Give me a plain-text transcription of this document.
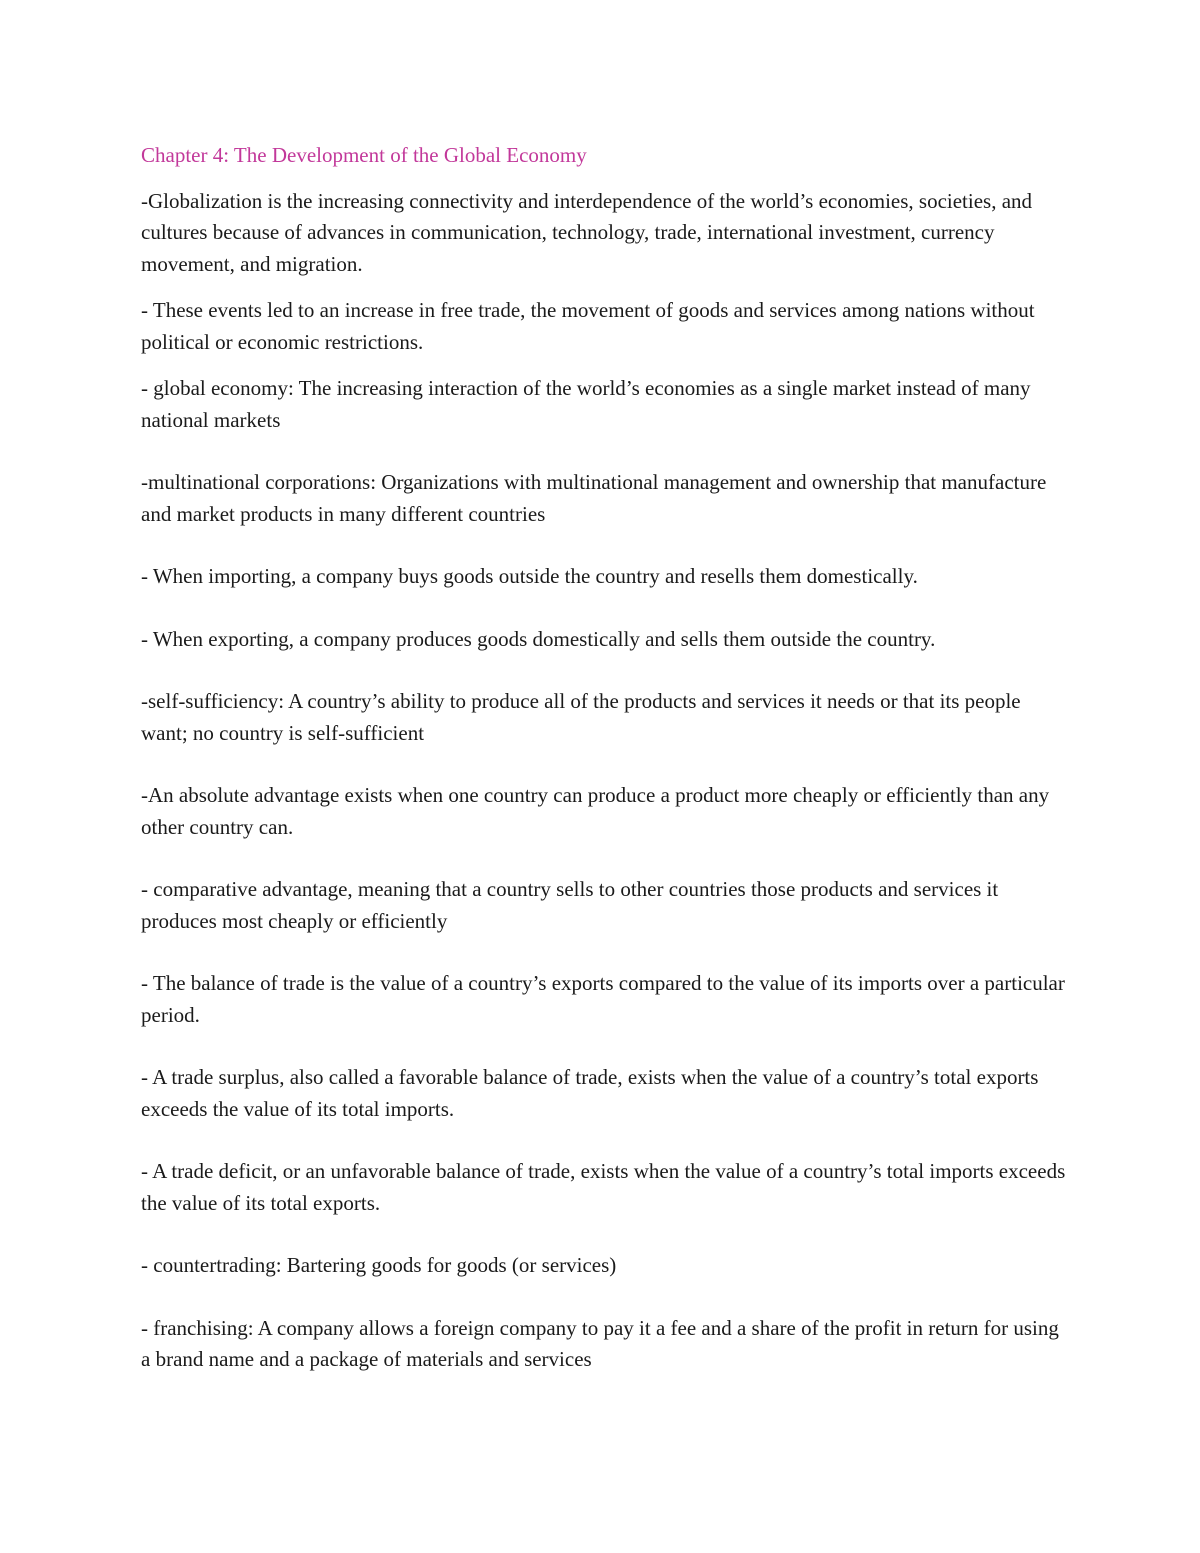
Chapter 4: The Development of the Global Economy

-Globalization is the increasing connectivity and interdependence of the world’s economies, societies, and cultures because of advances in communication, technology, trade, international investment, currency movement, and migration.

- These events led to an increase in free trade, the movement of goods and services among nations without political or economic restrictions.

- global economy: The increasing interaction of the world’s economies as a single market instead of many national markets

-multinational corporations: Organizations with multinational management and ownership that manufacture and market products in many different countries

- When importing, a company buys goods outside the country and resells them domestically.

- When exporting, a company produces goods domestically and sells them outside the country.

-self-sufficiency: A country’s ability to produce all of the products and services it needs or that its people want; no country is self-sufficient

-An absolute advantage exists when one country can produce a product more cheaply or efficiently than any other country can.

- comparative advantage, meaning that a country sells to other countries those products and services it produces most cheaply or efficiently

- The balance of trade is the value of a country’s exports compared to the value of its imports over a particular period.

- A trade surplus, also called a favorable balance of trade, exists when the value of a country’s total exports exceeds the value of its total imports.

- A trade deficit, or an unfavorable balance of trade, exists when the value of a country’s total imports exceeds the value of its total exports.

- countertrading: Bartering goods for goods (or services)

- franchising: A company allows a foreign company to pay it a fee and a share of the profit in return for using a brand name and a package of materials and services
